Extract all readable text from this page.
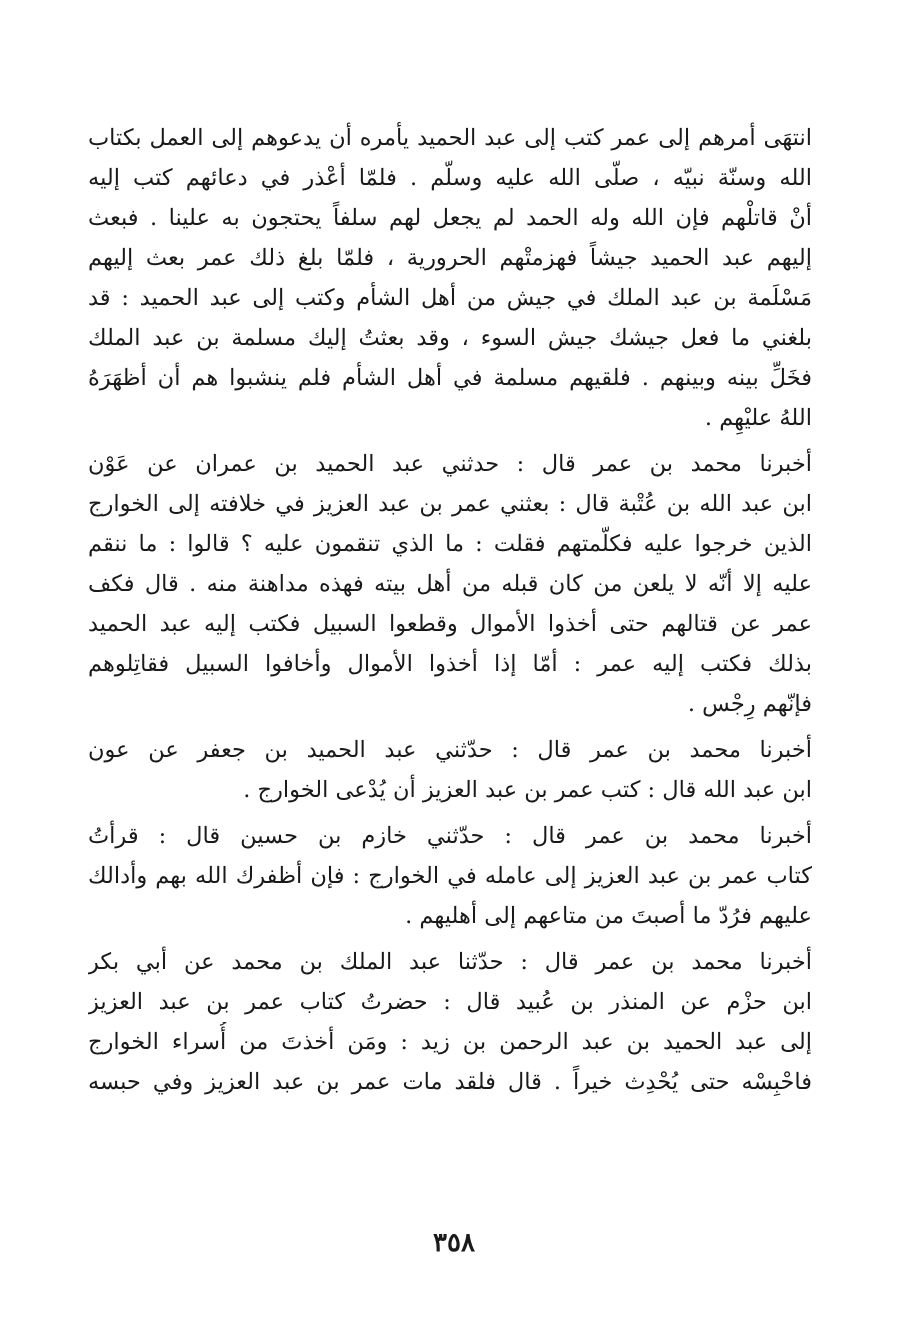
انتهَى أمرهم إلى عمر كتب إلى عبد الحميد يأمره أن يدعوهم إلى العمل بكتاب
الله وسنّة نبيّه ، صلّى الله عليه وسلّم . فلمّا أعْذر في دعائهم كتب إليه
أنْ قاتلْهم فإن الله وله الحمد لم يجعل لهم سلفاً يحتجون به علينا . فبعث
إليهم عبد الحميد جيشاً فهزمتْهم الحرورية ، فلمّا بلغ ذلك عمر بعث إليهم
مَسْلَمة بن عبد الملك في جيش من أهل الشأم وكتب إلى عبد الحميد : قد
بلغني ما فعل جيشك جيش السوء ، وقد بعثتُ إليك مسلمة بن عبد الملك
فخَلِّ بينه وبينهم . فلقيهم مسلمة في أهل الشأم فلم ينشبوا هم أن أظهَرَهُ
اللهُ عليْهِم .

أخبرنا محمد بن عمر قال : حدثني عبد الحميد بن عمران عن عَوْن
ابن عبد الله بن عُتْبة قال : بعثني عمر بن عبد العزيز في خلافته إلى الخوارج
الذين خرجوا عليه فكلّمتهم فقلت : ما الذي تنقمون عليه ؟ قالوا : ما ننقم
عليه إلا أنّه لا يلعن من كان قبله من أهل بيته فهذه مداهنة منه . قال فكف
عمر عن قتالهم حتى أخذوا الأموال وقطعوا السبيل فكتب إليه عبد الحميد
بذلك فكتب إليه عمر : أمّا إذا أخذوا الأموال وأخافوا السبيل فقاتِلوهم
فإنّهم رِجْس .

أخبرنا محمد بن عمر قال : حدّثني عبد الحميد بن جعفر عن عون
ابن عبد الله قال : كتب عمر بن عبد العزيز أن يُدْعى الخوارج .

أخبرنا محمد بن عمر قال : حدّثني خازم بن حسين قال : قرأتُ
كتاب عمر بن عبد العزيز إلى عامله في الخوارج : فإن أظفرك الله بهم وأدالك
عليهم فرُدّ ما أصبتَ من متاعهم إلى أهليهم .

أخبرنا محمد بن عمر قال : حدّثنا عبد الملك بن محمد عن أبي بكر
ابن حزْم عن المنذر بن عُبيد قال : حضرتُ كتاب عمر بن عبد العزيز
إلى عبد الحميد بن عبد الرحمن بن زيد : ومَن أخذتَ من أُسراء الخوارج
فاحْبِسْه حتى يُحْدِث خيراً . قال فلقد مات عمر بن عبد العزيز وفي حبسه

٣٥٨
